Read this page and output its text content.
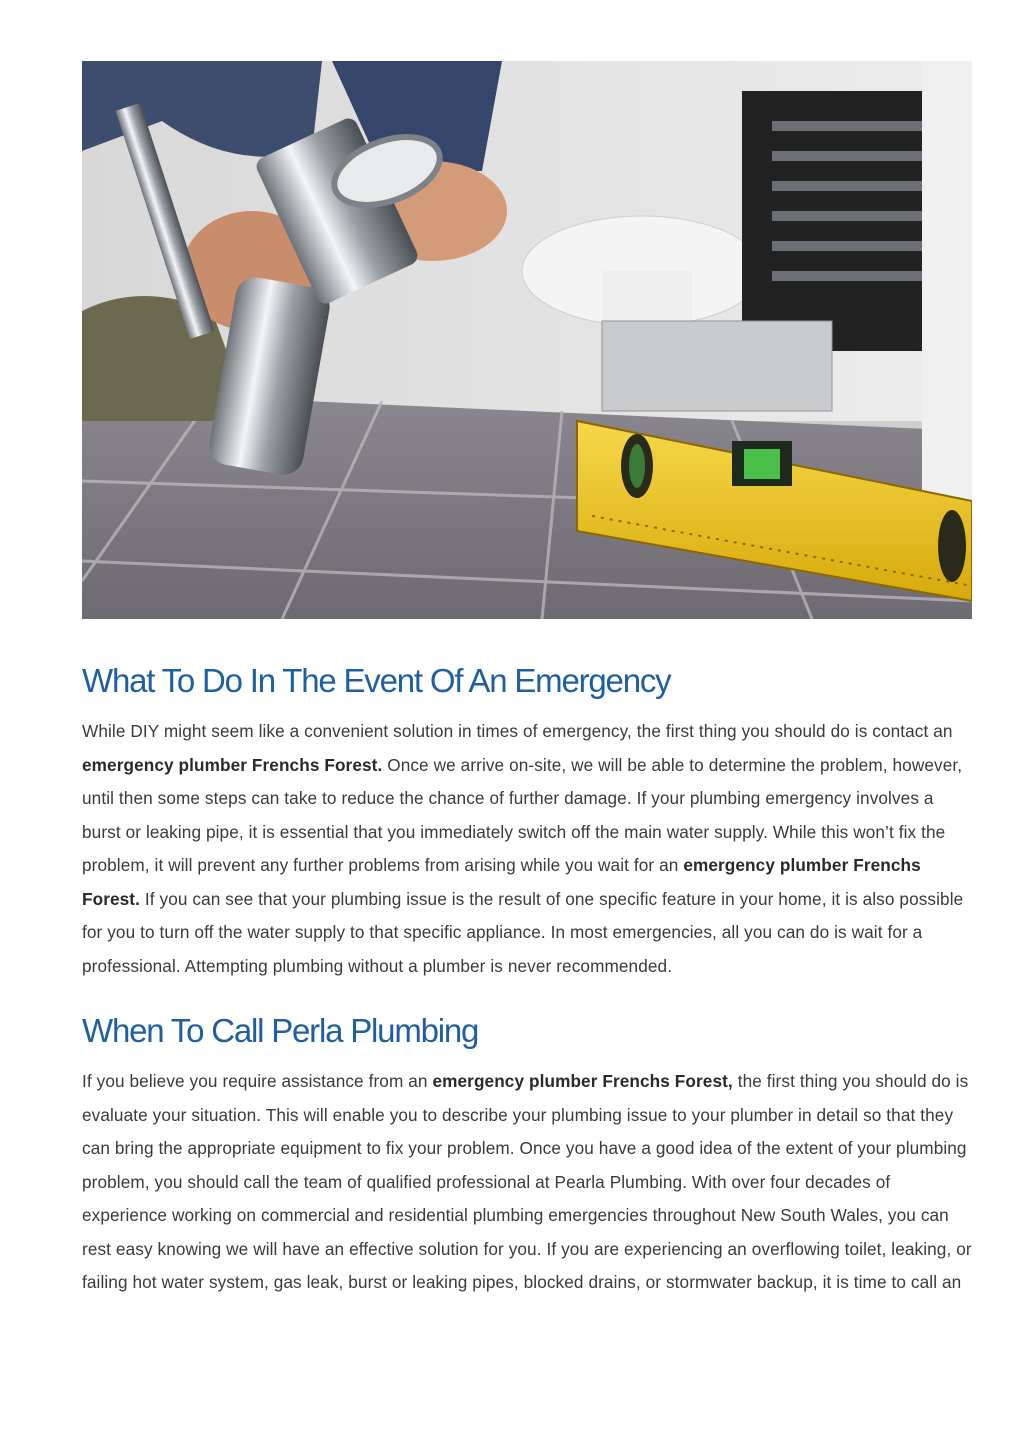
What To Do In The Event Of An Emergency

While DIY might seem like a convenient solution in times of emergency, the first thing you should do is contact an emergency plumber Frenchs Forest. Once we arrive on-site, we will be able to determine the problem, however, until then some steps can take to reduce the chance of further damage. If your plumbing emergency involves a burst or leaking pipe, it is essential that you immediately switch off the main water supply. While this won’t fix the problem, it will prevent any further problems from arising while you wait for an emergency plumber Frenchs Forest. If you can see that your plumbing issue is the result of one specific feature in your home, it is also possible for you to turn off the water supply to that specific appliance. In most emergencies, all you can do is wait for a professional. Attempting plumbing without a plumber is never recommended.

When To Call Perla Plumbing

If you believe you require assistance from an emergency plumber Frenchs Forest, the first thing you should do is evaluate your situation. This will enable you to describe your plumbing issue to your plumber in detail so that they can bring the appropriate equipment to fix your problem. Once you have a good idea of the extent of your plumbing problem, you should call the team of qualified professional at Pearla Plumbing. With over four decades of experience working on commercial and residential plumbing emergencies throughout New South Wales, you can rest easy knowing we will have an effective solution for you. If you are experiencing an overflowing toilet, leaking, or failing hot water system, gas leak, burst or leaking pipes, blocked drains, or stormwater backup, it is time to call an
